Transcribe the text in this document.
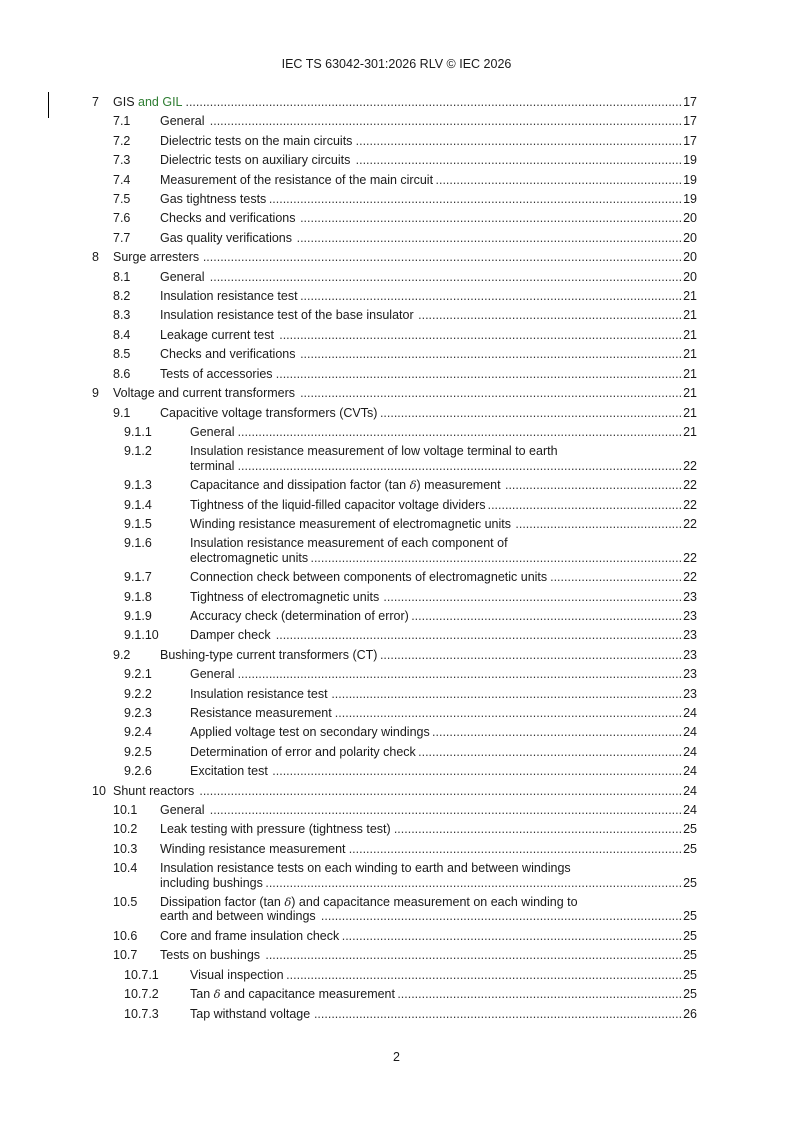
IEC TS 63042-301:2026 RLV © IEC 2026
7	GIS and GIL ............................................................................................................................................... 17
7.1	General ........................................................................................................................................ 17
7.2	Dielectric tests on the main circuits .............................................................................................. 17
7.3	Dielectric tests on auxiliary circuits .............................................................................................. 19
7.4	Measurement of the resistance of the main circuit ....................................................................... 19
7.5	Gas tightness tests ....................................................................................................................... 19
7.6	Checks and verifications .............................................................................................................. 20
7.7	Gas quality verifications ............................................................................................................... 20
8	Surge arresters .......................................................................................................................................... 20
8.1	General ........................................................................................................................................ 20
8.2	Insulation resistance test .............................................................................................................. 21
8.3	Insulation resistance test of the base insulator ............................................................................ 21
8.4	Leakage current test .................................................................................................................... 21
8.5	Checks and verifications .............................................................................................................. 21
8.6	Tests of accessories ..................................................................................................................... 21
9	Voltage and current transformers .............................................................................................................. 21
9.1	Capacitive voltage transformers (CVTs) ....................................................................................... 21
9.1.1	General ................................................................................................................................ 21
9.1.2	Insulation resistance measurement of low voltage terminal to earth
terminal ................................................................................................................................ 22
9.1.3	Capacitance and dissipation factor (tan δ) measurement ................................................... 22
9.1.4	Tightness of the liquid-filled capacitor voltage dividers ........................................................ 22
9.1.5	Winding resistance measurement of electromagnetic units ................................................ 22
9.1.6	Insulation resistance measurement of each component of
electromagnetic units ........................................................................................................... 22
9.1.7	Connection check between components of electromagnetic units ...................................... 22
9.1.8	Tightness of electromagnetic units ...................................................................................... 23
9.1.9	Accuracy check (determination of error) .............................................................................. 23
9.1.10	Damper check ..................................................................................................................... 23
9.2	Bushing-type current transformers (CT) ....................................................................................... 23
9.2.1	General ................................................................................................................................ 23
9.2.2	Insulation resistance test ..................................................................................................... 23
9.2.3	Resistance measurement .................................................................................................... 24
9.2.4	Applied voltage test on secondary windings ........................................................................ 24
9.2.5	Determination of error and polarity check ............................................................................ 24
9.2.6	Excitation test ...................................................................................................................... 24
10 Shunt reactors ........................................................................................................................................... 24
10.1	General ........................................................................................................................................ 24
10.2	Leak testing with pressure (tightness test) ................................................................................... 25
10.3	Winding resistance measurement ................................................................................................ 25
10.4	Insulation resistance tests on each winding to earth and between windings
including bushings ........................................................................................................................ 25
10.5	Dissipation factor (tan δ) and capacitance measurement on each winding to
earth and between windings ........................................................................................................ 25
10.6	Core and frame insulation check .................................................................................................. 25
10.7	Tests on bushings ........................................................................................................................ 25
10.7.1	Visual inspection .................................................................................................................. 25
10.7.2	Tan δ and capacitance measurement .................................................................................. 25
10.7.3	Tap withstand voltage .......................................................................................................... 26
2
